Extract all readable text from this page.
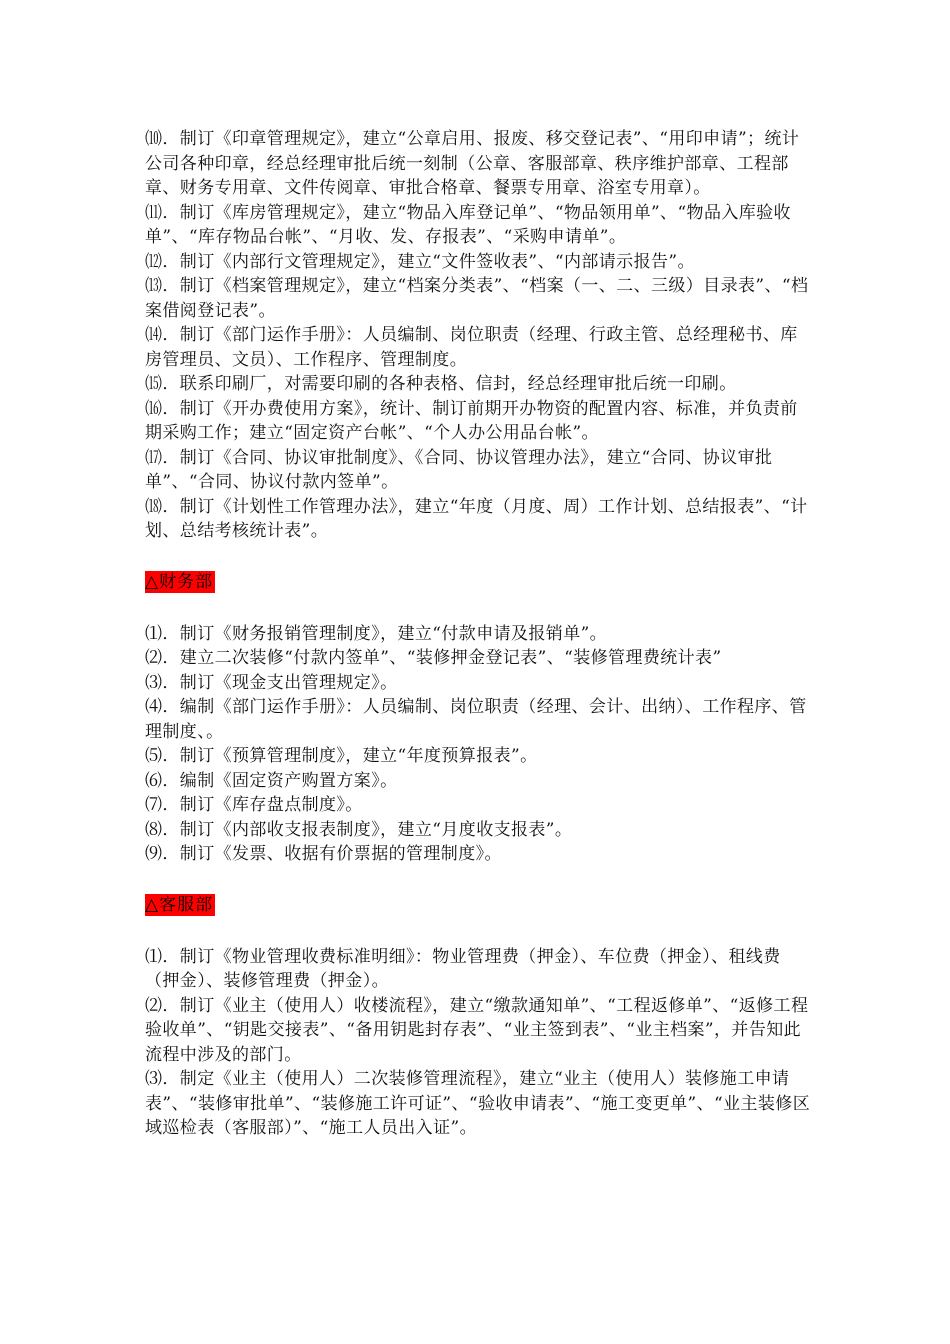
⑽．制订《印章管理规定》，建立“公章启用、报废、移交登记表”、“用印申请”；统计公司各种印章，经总经理审批后统一刻制（公章、客服部章、秩序维护部章、工程部章、财务专用章、文件传阅章、审批合格章、餐票专用章、浴室专用章）。

⑾．制订《库房管理规定》，建立“物品入库登记单”、“物品领用单”、“物品入库验收单”、“库存物品台帐”、“月收、发、存报表”、“采购申请单”。

⑿．制订《内部行文管理规定》，建立“文件签收表”、“内部请示报告”。

⒀．制订《档案管理规定》，建立“档案分类表”、“档案（一、二、三级）目录表”、“档案借阅登记表”。

⒁．制订《部门运作手册》：人员编制、岗位职责（经理、行政主管、总经理秘书、库房管理员、文员）、工作程序、管理制度。

⒂．联系印刷厂，对需要印刷的各种表格、信封，经总经理审批后统一印刷。

⒃．制订《开办费使用方案》，统计、制订前期开办物资的配置内容、标准，并负责前期采购工作；建立“固定资产台帐”、“个人办公用品台帐”。

⒄．制订《合同、协议审批制度》、《合同、协议管理办法》，建立“合同、协议审批单”、“合同、协议付款内签单”。

⒅．制订《计划性工作管理办法》，建立“年度（月度、周）工作计划、总结报表”、“计划、总结考核统计表”。

△财务部

⑴．制订《财务报销管理制度》，建立“付款申请及报销单”。

⑵．建立二次装修“付款内签单”、“装修押金登记表”、“装修管理费统计表”

⑶．制订《现金支出管理规定》。

⑷．编制《部门运作手册》：人员编制、岗位职责（经理、会计、出纳）、工作程序、管理制度、。

⑸．制订《预算管理制度》，建立“年度预算报表”。

⑹．编制《固定资产购置方案》。

⑺．制订《库存盘点制度》。

⑻．制订《内部收支报表制度》，建立“月度收支报表”。

⑼．制订《发票、收据有价票据的管理制度》。

△客服部

⑴．制订《物业管理收费标准明细》：物业管理费（押金）、车位费（押金）、租线费（押金）、装修管理费（押金）。

⑵．制订《业主（使用人）收楼流程》，建立“缴款通知单”、“工程返修单”、“返修工程验收单”、“钥匙交接表”、“备用钥匙封存表”、“业主签到表”、“业主档案”，并告知此流程中涉及的部门。

⑶．制定《业主（使用人）二次装修管理流程》，建立“业主（使用人）装修施工申请表”、“装修审批单”、“装修施工许可证”、“验收申请表”、“施工变更单”、“业主装修区域巡检表（客服部）”、“施工人员出入证”。
